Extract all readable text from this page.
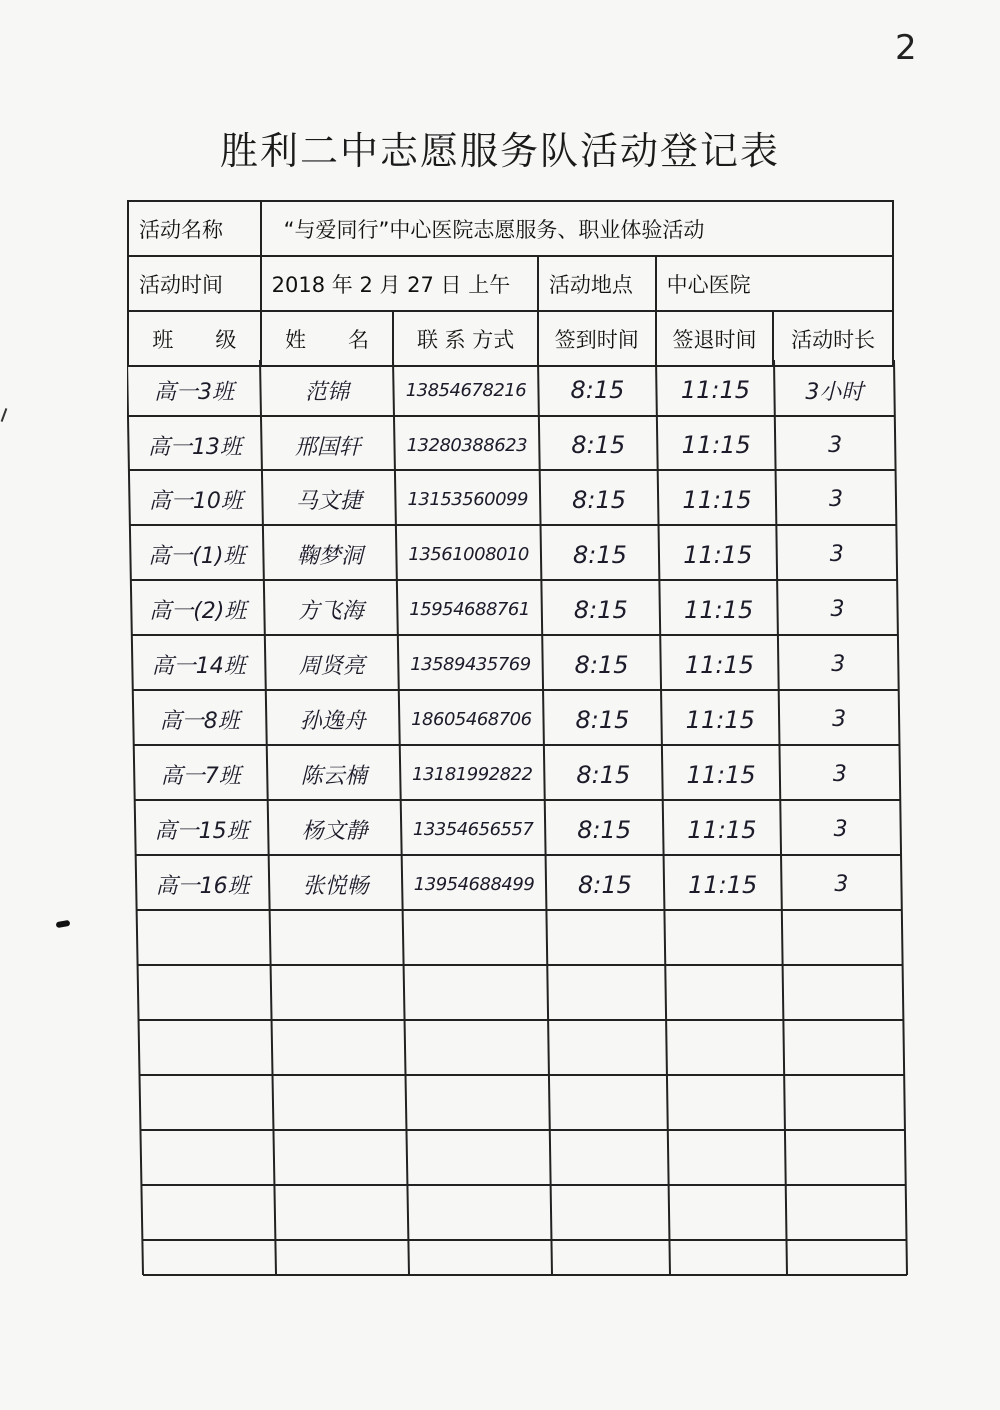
2
胜利二中志愿服务队活动登记表
活动名称	“与爱同行”中心医院志愿服务、职业体验活动
活动时间	2018 年 2 月 27 日 上午	活动地点	中心医院
班　　级	姓　　名	联 系 方式	签到时间	签退时间	活动时长
高一3班	范锦	13854678216	8:15	11:15	3小时
高一13班	邢国轩	13280388623	8:15	11:15	3
高一10班	马文捷	13153560099	8:15	11:15	3
高一(1)班	鞠梦洞	13561008010	8:15	11:15	3
高一(2)班	方飞海	15954688761	8:15	11:15	3
高一14班	周贤亮	13589435769	8:15	11:15	3
高一8班	孙逸舟	18605468706	8:15	11:15	3
高一7班	陈云楠	13181992822	8:15	11:15	3
高一15班	杨文静	13354656557	8:15	11:15	3
高一16班	张悦畅	13954688499	8:15	11:15	3
